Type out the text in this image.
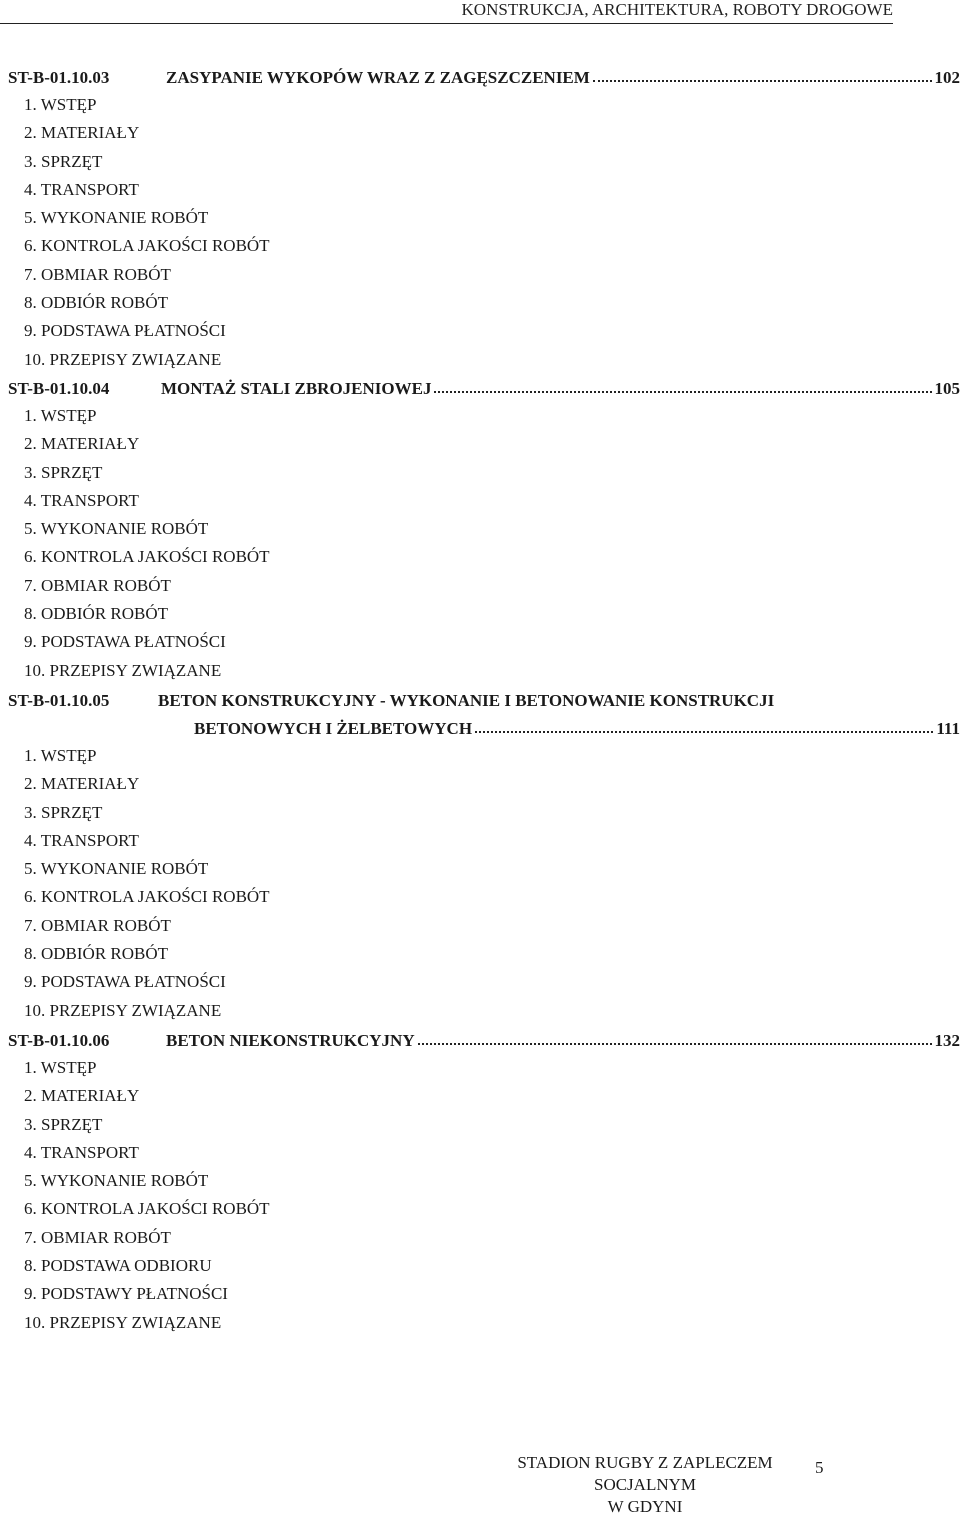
KONSTRUKCJA, ARCHITEKTURA, ROBOTY DROGOWE
ST-B-01.10.03	ZASYPANIE WYKOPÓW WRAZ Z ZAGĘSZCZENIEM	102
1. WSTĘP
2. MATERIAŁY
3. SPRZĘT
4. TRANSPORT
5. WYKONANIE ROBÓT
6. KONTROLA JAKOŚCI ROBÓT
7. OBMIAR ROBÓT
8. ODBIÓR ROBÓT
9. PODSTAWA PŁATNOŚCI
10. PRZEPISY ZWIĄZANE
ST-B-01.10.04	MONTAŻ STALI ZBROJENIOWEJ	105
1. WSTĘP
2. MATERIAŁY
3. SPRZĘT
4. TRANSPORT
5. WYKONANIE ROBÓT
6. KONTROLA JAKOŚCI ROBÓT
7. OBMIAR ROBÓT
8. ODBIÓR ROBÓT
9. PODSTAWA PŁATNOŚCI
10. PRZEPISY ZWIĄZANE
ST-B-01.10.05	BETON KONSTRUKCYJNY - WYKONANIE I BETONOWANIE KONSTRUKCJI
BETONOWYCH I ŻELBETOWYCH	111
1. WSTĘP
2. MATERIAŁY
3. SPRZĘT
4. TRANSPORT
5. WYKONANIE ROBÓT
6. KONTROLA JAKOŚCI ROBÓT
7. OBMIAR ROBÓT
8. ODBIÓR ROBÓT
9. PODSTAWA PŁATNOŚCI
10. PRZEPISY ZWIĄZANE
ST-B-01.10.06	BETON NIEKONSTRUKCYJNY	132
1. WSTĘP
2. MATERIAŁY
3. SPRZĘT
4. TRANSPORT
5. WYKONANIE ROBÓT
6. KONTROLA JAKOŚCI ROBÓT
7. OBMIAR ROBÓT
8. PODSTAWA ODBIORU
9. PODSTAWY PŁATNOŚCI
10. PRZEPISY ZWIĄZANE
STADION RUGBY Z ZAPLECZEM SOCJALNYM
W GDYNI
5
